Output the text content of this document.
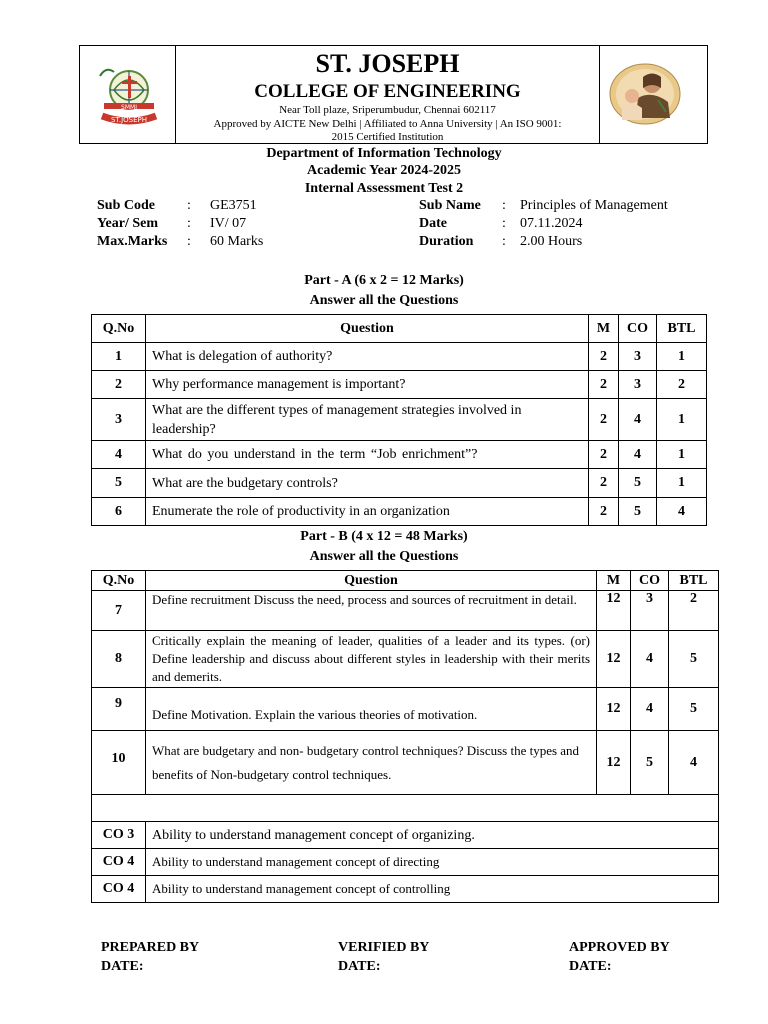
SMMI
ST.JOSEPH
ST. JOSEPH
COLLEGE OF ENGINEERING
Near Toll plaze, Sriperumbudur, Chennai 602117
Approved by AICTE New Delhi | Affiliated to Anna University | An ISO 9001: 2015 Certified Institution
Department of Information Technology
Academic Year 2024-2025
Internal Assessment Test 2
Sub Code : GE3751
Year/ Sem : IV/ 07
Max.Marks : 60 Marks
Sub Name : Principles of Management
Date	: 07.11.2024
Duration : 2.00 Hours
Part - A (6 x 2 = 12 Marks)
Answer all the Questions
Q.No	Question	M	CO	BTL
1	What is delegation of authority?	2	3	1
2	Why performance management is important?	2	3	2
3	What are the different types of management strategies involved in leadership?	2	4	1
4	What do you understand in the term “Job enrichment”?	2	4	1
5	What are the budgetary controls?	2	5	1
6	Enumerate the role of productivity in an organization	2	5	4
Part - B (4 x 12 = 48 Marks)
Answer all the Questions
Q.No	Question	M	CO	BTL
7	Define recruitment Discuss the need, process and sources of recruitment in detail.	12	3	2
8	Critically explain the meaning of leader, qualities of a leader and its types. (or) Define leadership and discuss about different styles in leadership with their merits and demerits.	12	4	5
9	Define Motivation. Explain the various theories of motivation.	12	4	5
10	What are budgetary and non- budgetary control techniques? Discuss the types and benefits of Non-budgetary control techniques.	12	5	4

CO 3	Ability to understand management concept of organizing.			
CO 4	Ability to understand management concept of directing			
CO 4	Ability to understand management concept of controlling			
PREPARED BY
DATE:
VERIFIED BY
DATE:
APPROVED BY
DATE:
